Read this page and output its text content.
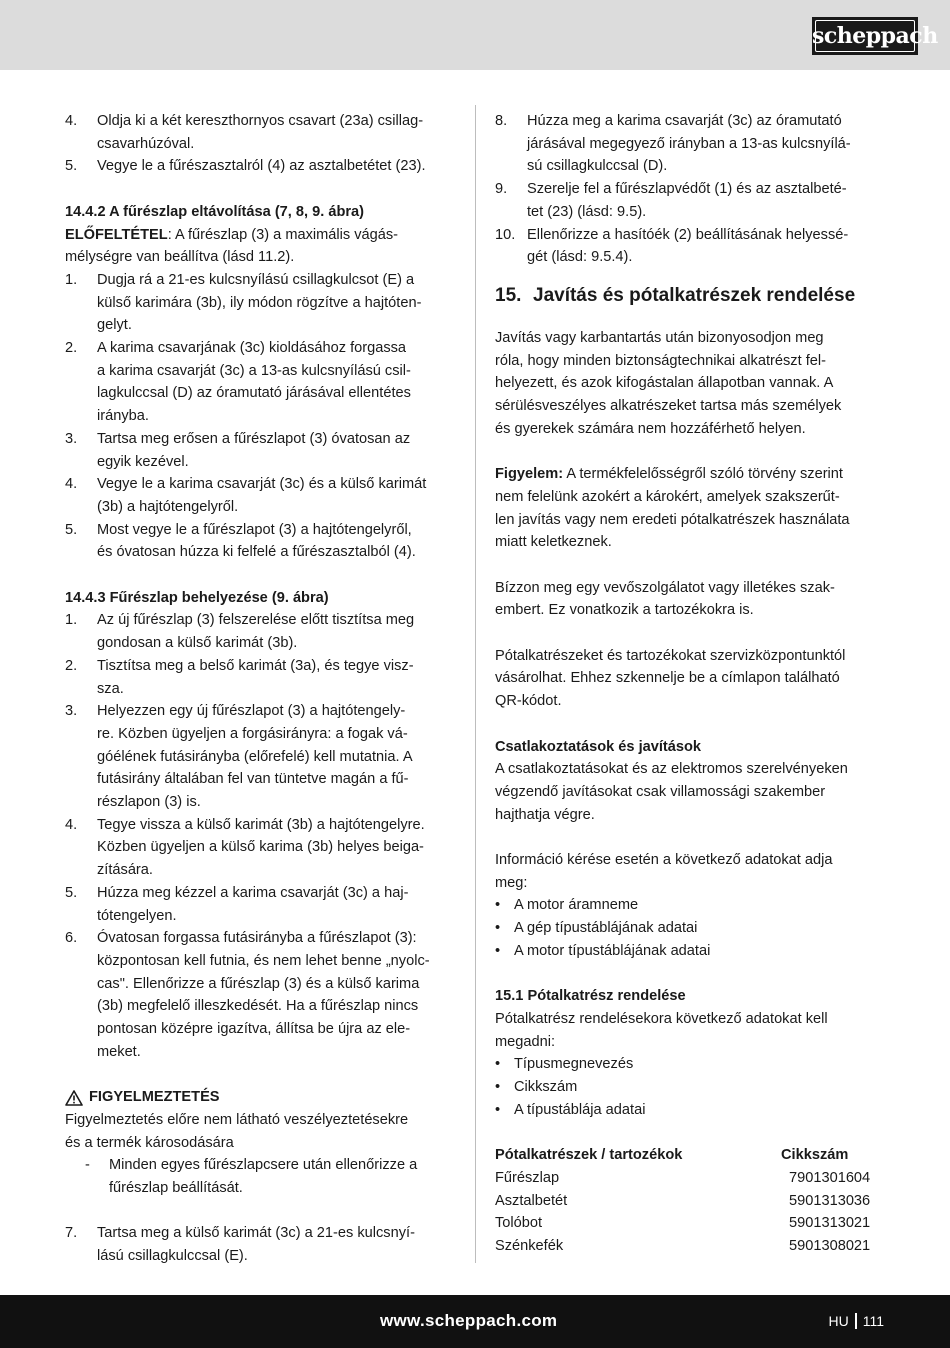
scheppach
4.	Oldja ki a két kereszthornyos csavart (23a) csillag-
csavarhúzóval.
5.	Vegye le a fűrészasztalról (4) az asztalbetétet (23).
14.4.2 A fűrészlap eltávolítása (7, 8, 9. ábra)
ELŐFELTÉTEL: A fűrészlap (3) a maximális vágás-
mélységre van beállítva (lásd 11.2).
1.	Dugja rá a 21-es kulcsnyílású csillagkulcsot (E) a
külső karimára (3b), ily módon rögzítve a hajtóten-
gelyt.
2.	A karima csavarjának (3c) kioldásához forgassa
a karima csavarját (3c) a 13-as kulcsnyílású csil-
lagkulccsal (D) az óramutató járásával ellentétes
irányba.
3.	Tartsa meg erősen a fűrészlapot (3) óvatosan az
egyik kezével.
4.	Vegye le a karima csavarját (3c) és a külső karimát
(3b) a hajtótengelyről.
5.	Most vegye le a fűrészlapot (3) a hajtótengelyről,
és óvatosan húzza ki felfelé a fűrészasztalból (4).
14.4.3 Fűrészlap behelyezése (9. ábra)
1.	Az új fűrészlap (3) felszerelése előtt tisztítsa meg
gondosan a külső karimát (3b).
2.	Tisztítsa meg a belső karimát (3a), és tegye visz-
sza.
3.	Helyezzen egy új fűrészlapot (3) a hajtótengely-
re. Közben ügyeljen a forgásirányra: a fogak vá-
góélének futásirányba (előrefelé) kell mutatnia. A
futásirány általában fel van tüntetve magán a fű-
részlapon (3) is.
4.	Tegye vissza a külső karimát (3b) a hajtótengelyre.
Közben ügyeljen a külső karima (3b) helyes beiga-
zítására.
5.	Húzza meg kézzel a karima csavarját (3c) a haj-
tótengelyen.
6.	Óvatosan forgassa futásirányba a fűrészlapot (3):
központosan kell futnia, és nem lehet benne „nyolc-
cas". Ellenőrizze a fűrészlap (3) és a külső karima
(3b) megfelelő illeszkedését. Ha a fűrészlap nincs
pontosan középre igazítva, állítsa be újra az ele-
meket.
FIGYELMEZTETÉS
Figyelmeztetés előre nem látható veszélyeztetésekre
és a termék károsodására
-	Minden egyes fűrészlapcsere után ellenőrizze a
fűrészlap beállítását.
7.	Tartsa meg a külső karimát (3c) a 21-es kulcsnyí-
lású csillagkulccsal (E).
8.	Húzza meg a karima csavarját (3c) az óramutató
járásával megegyező irányban a 13-as kulcsnyílá-
sú csillagkulccsal (D).
9.	Szerelje fel a fűrészlapvédőt (1) és az asztalbeté-
tet (23) (lásd: 9.5).
10. Ellenőrizze a hasítóék (2) beállításának helyessé-
gét (lásd: 9.5.4).
15. Javítás és pótalkatrészek rendelése
Javítás vagy karbantartás után bizonyosodjon meg
róla, hogy minden biztonságtechnikai alkatrészt fel-
helyezett, és azok kifogástalan állapotban vannak. A
sérülésveszélyes alkatrészeket tartsa más személyek
és gyerekek számára nem hozzáférhető helyen.
Figyelem: A termékfelelősségről szóló törvény szerint
nem felelünk azokért a károkért, amelyek szakszerűt-
len javítás vagy nem eredeti pótalkatrészek használata
miatt keletkeznek.
Bízzon meg egy vevőszolgálatot vagy illetékes szak-
embert. Ez vonatkozik a tartozékokra is.
Pótalkatrészeket és tartozékokat szervizközpontunktól
vásárolhat. Ehhez szkennelje be a címlapon található
QR-kódot.
Csatlakoztatások és javítások
A csatlakoztatásokat és az elektromos szerelvényeken
végzendő javításokat csak villamossági szakember
hajthatja végre.
Információ kérése esetén a következő adatokat adja
meg:
• A motor áramneme
• A gép típustáblájának adatai
• A motor típustáblájának adatai
15.1 Pótalkatrész rendelése
Pótalkatrész rendelésekora következő adatokat kell
megadni:
• Típusmegnevezés
• Cikkszám
• A típustáblája adatai
Pótalkatrészek / tartozékok	Cikkszám
Fűrészlap	7901301604
Asztalbetét	5901313036
Tolóbot	5901313021
Szénkefék	5901308021
www.scheppach.com	HU 111
